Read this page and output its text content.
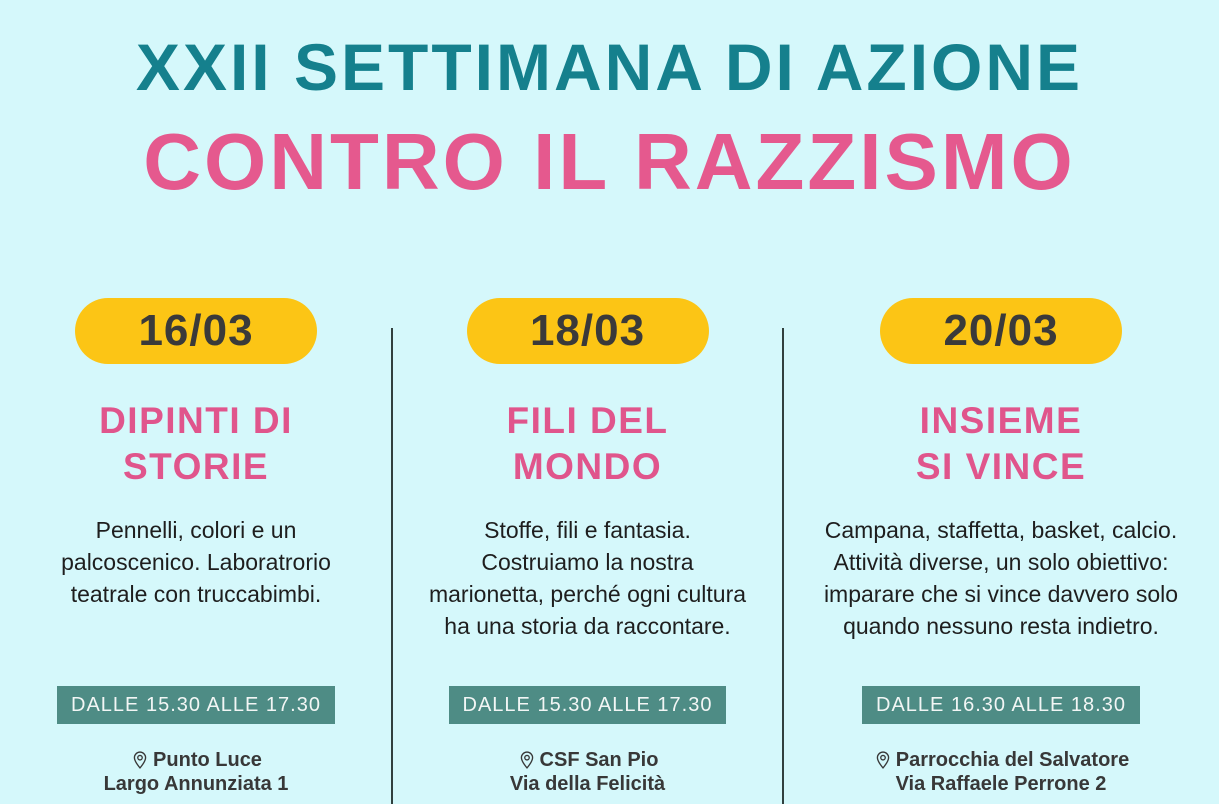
XXII SETTIMANA DI AZIONE
CONTRO IL RAZZISMO
16/03
DIPINTI DI
STORIE

Pennelli, colori e un palcoscenico. Laboratrorio teatrale con truccabimbi.

DALLE 15.30 ALLE 17.30
Punto Luce
Largo Annunziata 1
18/03
FILI DEL
MONDO

Stoffe, fili e fantasia. Costruiamo la nostra marionetta, perché ogni cultura ha una storia da raccontare.

DALLE 15.30 ALLE 17.30
CSF San Pio
Via della Felicità
20/03
INSIEME
SI VINCE

Campana, staffetta, basket, calcio. Attività diverse, un solo obiettivo: imparare che si vince davvero solo quando nessuno resta indietro.

DALLE 16.30 ALLE 18.30
Parrocchia del Salvatore
Via Raffaele Perrone 2
